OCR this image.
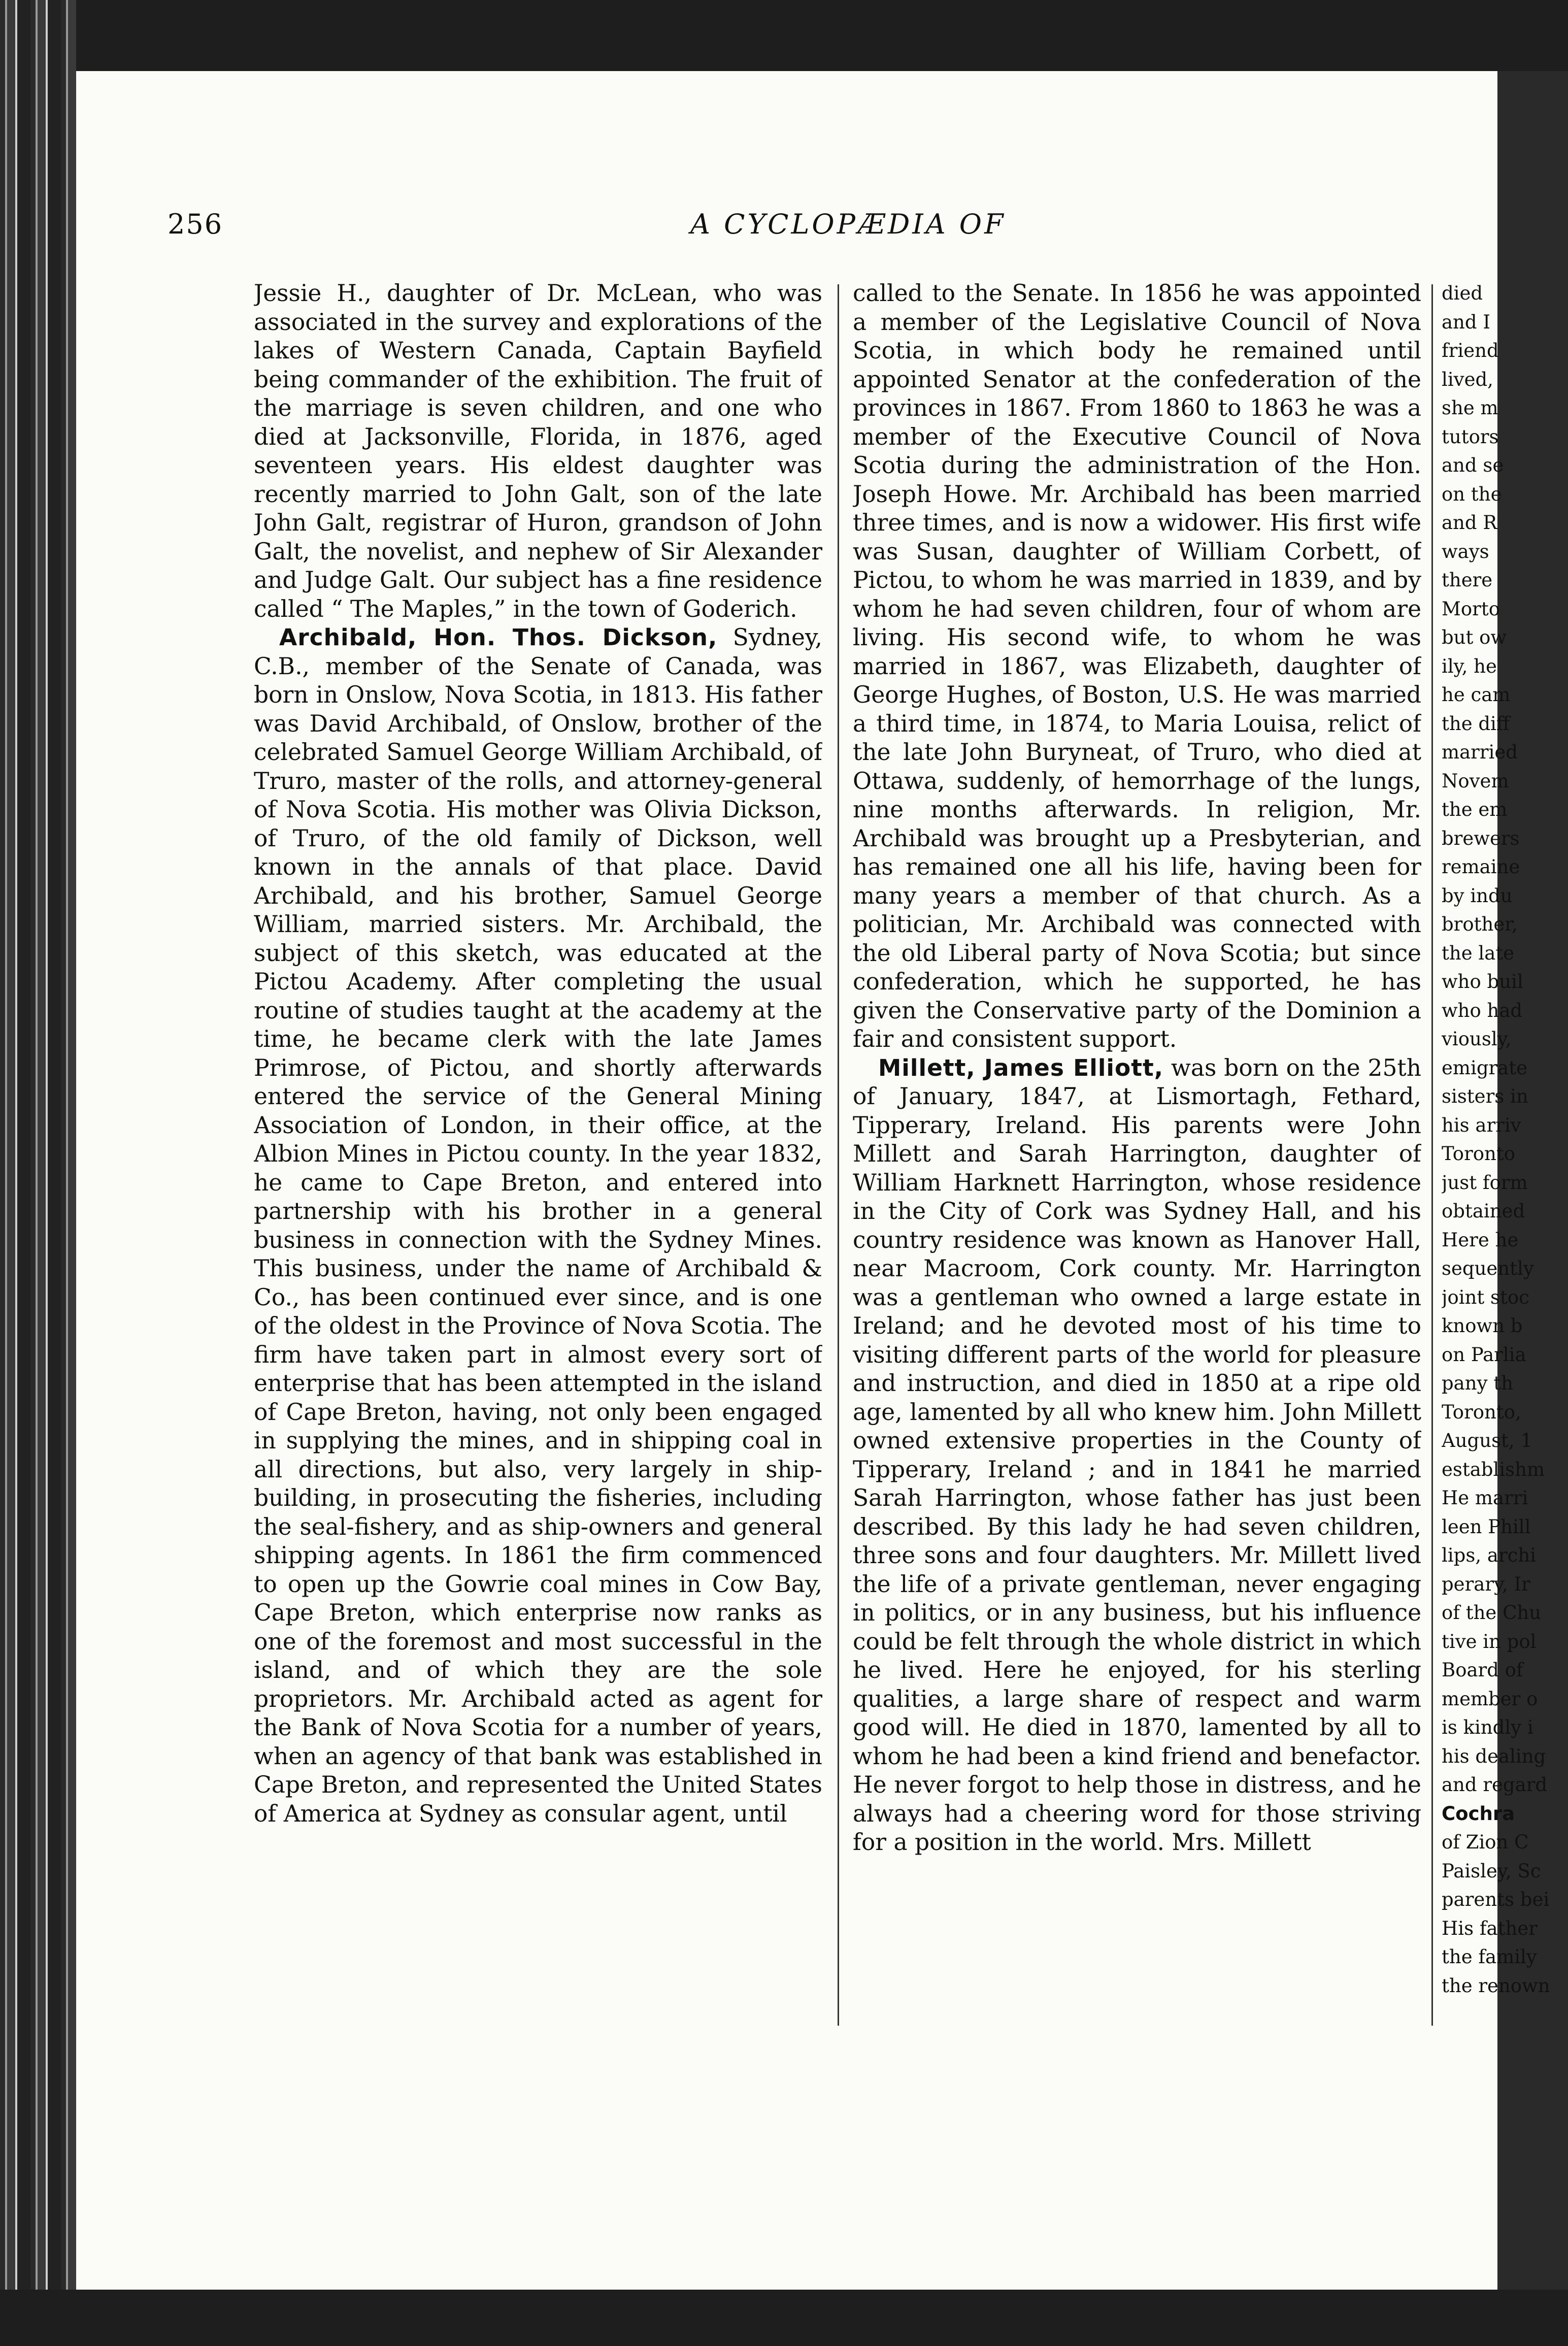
256	A CYCLOPÆDIA OF

Jessie H., daughter of Dr. McLean, who was associated in the survey and explorations of the lakes of Western Canada, Captain Bayfield being commander of the exhibition. The fruit of the marriage is seven children, and one who died at Jacksonville, Florida, in 1876, aged seventeen years. His eldest daughter was recently married to John Galt, son of the late John Galt, registrar of Huron, grandson of John Galt, the novelist, and nephew of Sir Alexander and Judge Galt. Our subject has a fine residence called “ The Maples,” in the town of Goderich.

Archibald, Hon. Thos. Dickson, Sydney, C.B., member of the Senate of Canada, was born in Onslow, Nova Scotia, in 1813. His father was David Archibald, of Onslow, brother of the celebrated Samuel George William Archibald, of Truro, master of the rolls, and attorney-general of Nova Scotia. His mother was Olivia Dickson, of Truro, of the old family of Dickson, well known in the annals of that place. David Archibald, and his brother, Samuel George William, married sisters. Mr. Archibald, the subject of this sketch, was educated at the Pictou Academy. After completing the usual routine of studies taught at the academy at the time, he became clerk with the late James Primrose, of Pictou, and shortly afterwards entered the service of the General Mining Association of London, in their office, at the Albion Mines in Pictou county. In the year 1832, he came to Cape Breton, and entered into partnership with his brother in a general business in connection with the Sydney Mines. This business, under the name of Archibald & Co., has been continued ever since, and is one of the oldest in the Province of Nova Scotia. The firm have taken part in almost every sort of enterprise that has been attempted in the island of Cape Breton, having, not only been engaged in supplying the mines, and in shipping coal in all directions, but also, very largely in ship-building, in prosecuting the fisheries, including the seal-fishery, and as ship-owners and general shipping agents. In 1861 the firm commenced to open up the Gowrie coal mines in Cow Bay, Cape Breton, which enterprise now ranks as one of the foremost and most successful in the island, and of which they are the sole proprietors. Mr. Archibald acted as agent for the Bank of Nova Scotia for a number of years, when an agency of that bank was established in Cape Breton, and represented the United States of America at Sydney as consular agent, until

called to the Senate. In 1856 he was appointed a member of the Legislative Council of Nova Scotia, in which body he remained until appointed Senator at the confederation of the provinces in 1867. From 1860 to 1863 he was a member of the Executive Council of Nova Scotia during the administration of the Hon. Joseph Howe. Mr. Archibald has been married three times, and is now a widower. His first wife was Susan, daughter of William Corbett, of Pictou, to whom he was married in 1839, and by whom he had seven children, four of whom are living. His second wife, to whom he was married in 1867, was Elizabeth, daughter of George Hughes, of Boston, U.S. He was married a third time, in 1874, to Maria Louisa, relict of the late John Buryneat, of Truro, who died at Ottawa, suddenly, of hemorrhage of the lungs, nine months afterwards. In religion, Mr. Archibald was brought up a Presbyterian, and has remained one all his life, having been for many years a member of that church. As a politician, Mr. Archibald was connected with the old Liberal party of Nova Scotia; but since confederation, which he supported, he has given the Conservative party of the Dominion a fair and consistent support.

Millett, James Elliott, was born on the 25th of January, 1847, at Lismortagh, Fethard, Tipperary, Ireland. His parents were John Millett and Sarah Harrington, daughter of William Harknett Harrington, whose residence in the City of Cork was Sydney Hall, and his country residence was known as Hanover Hall, near Macroom, Cork county. Mr. Harrington was a gentleman who owned a large estate in Ireland; and he devoted most of his time to visiting different parts of the world for pleasure and instruction, and died in 1850 at a ripe old age, lamented by all who knew him. John Millett owned extensive properties in the County of Tipperary, Ireland ; and in 1841 he married Sarah Harrington, whose father has just been described. By this lady he had seven children, three sons and four daughters. Mr. Millett lived the life of a private gentleman, never engaging in politics, or in any business, but his influence could be felt through the whole district in which he lived. Here he enjoyed, for his sterling qualities, a large share of respect and warm good will. He died in 1870, lamented by all to whom he had been a kind friend and benefactor. He never forgot to help those in distress, and he always had a cheering word for those striving for a position in the world. Mrs. Millett

died
and I
friend
lived,
she m
tutors
and se
on the
and R
ways
there
Morto
but ow
ily, he
he cam
the diff
married
Novem
the em
brewers
remaine
by indu
brother,
the late
who buil
who had
viously,
emigrate
sisters in
his arriv
Toronto
just form
obtained
Here he
sequently
joint stoc
known b
on Parlia
pany th
Toronto,
August, 1
establishm
He marri
leen Phill
lips, archi
perary, Ir
of the Chu
tive in pol
Board of
member o
is kindly i
his dealing
and regard
Cochra
of Zion C
Paisley, Sc
parents bei
His father
the family
the renown
